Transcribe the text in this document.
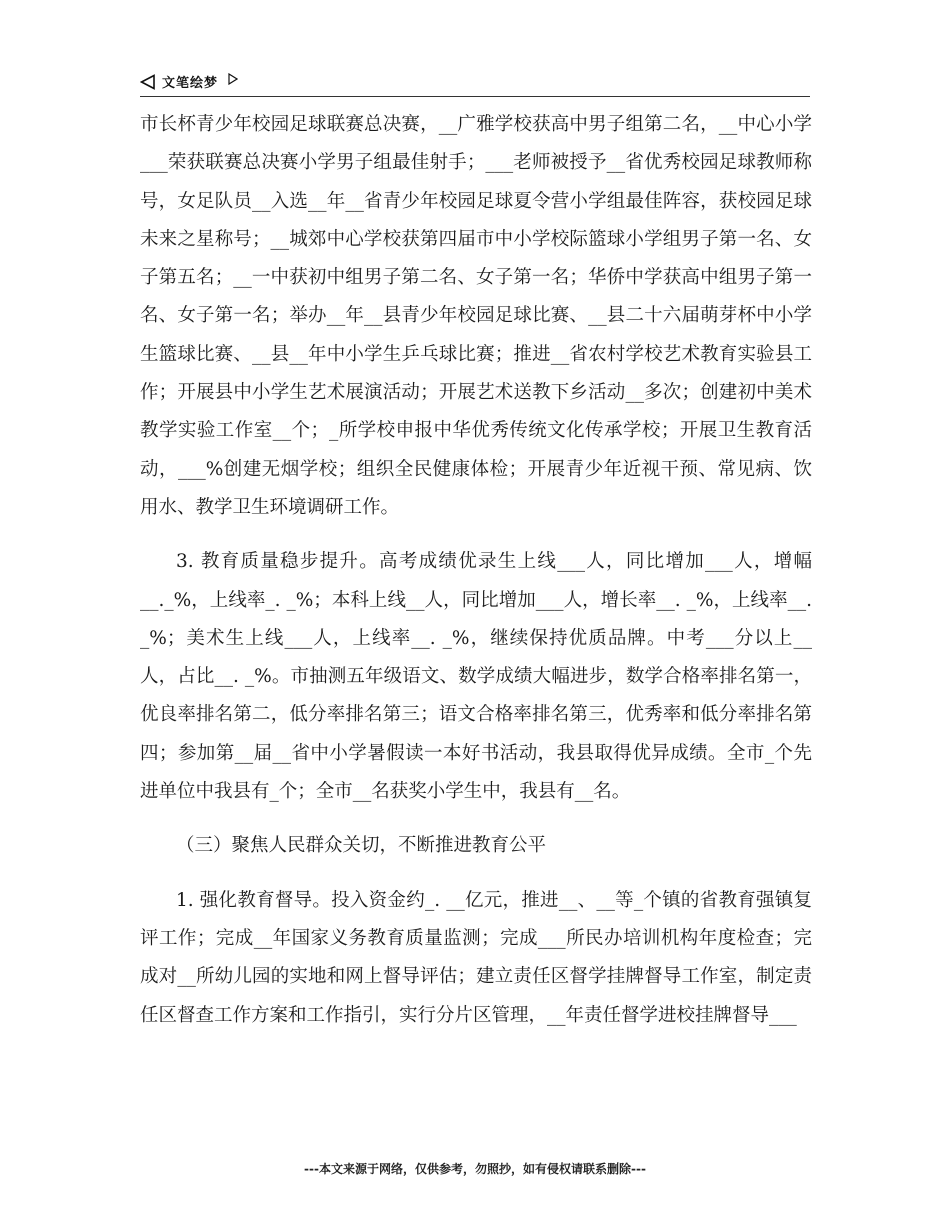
文笔绘梦

市长杯青少年校园足球联赛总决赛，__广雅学校获高中男子组第二名，__中心小学___荣获联赛总决赛小学男子组最佳射手；___老师被授予__省优秀校园足球教师称号，女足队员__入选__年__省青少年校园足球夏令营小学组最佳阵容，获校园足球未来之星称号；__城郊中心学校获第四届市中小学校际篮球小学组男子第一名、女子第五名；__一中获初中组男子第二名、女子第一名；华侨中学获高中组男子第一名、女子第一名；举办__年__县青少年校园足球比赛、__县二十六届萌芽杯中小学生篮球比赛、__县__年中小学生乒乓球比赛；推进__省农村学校艺术教育实验县工作；开展县中小学生艺术展演活动；开展艺术送教下乡活动__多次；创建初中美术教学实验工作室__个；_所学校申报中华优秀传统文化传承学校；开展卫生教育活动，___%创建无烟学校；组织全民健康体检；开展青少年近视干预、常见病、饮用水、教学卫生环境调研工作。

3. 教育质量稳步提升。高考成绩优录生上线___人，同比增加___人，增幅__._%，上线率_. _%；本科上线__人，同比增加___人，增长率__. _%，上线率__. _%；美术生上线___人，上线率__. _%，继续保持优质品牌。中考___分以上__人，占比__. _%。市抽测五年级语文、数学成绩大幅进步，数学合格率排名第一，优良率排名第二，低分率排名第三；语文合格率排名第三，优秀率和低分率排名第四；参加第__届__省中小学暑假读一本好书活动，我县取得优异成绩。全市_个先进单位中我县有_个；全市__名获奖小学生中，我县有__名。

（三）聚焦人民群众关切，不断推进教育公平

1. 强化教育督导。投入资金约_. __亿元，推进__、__等_个镇的省教育强镇复评工作；完成__年国家义务教育质量监测；完成___所民办培训机构年度检查；完成对__所幼儿园的实地和网上督导评估；建立责任区督学挂牌督导工作室，制定责任区督查工作方案和工作指引，实行分片区管理，__年责任督学进校挂牌督导___

---本文来源于网络，仅供参考，勿照抄，如有侵权请联系删除---
